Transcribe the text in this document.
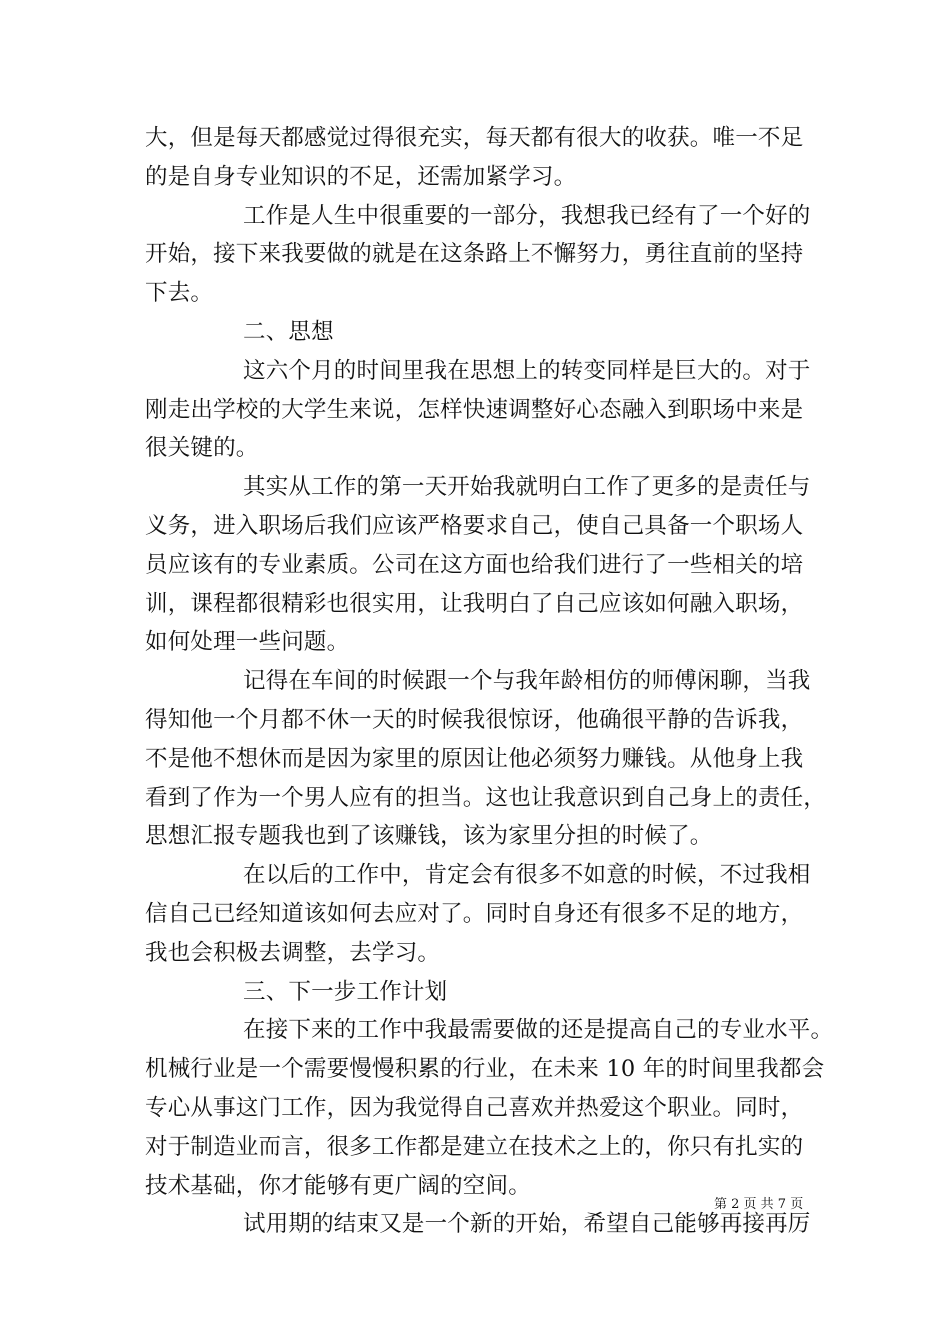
大，但是每天都感觉过得很充实，每天都有很大的收获。唯一不足
的是自身专业知识的不足，还需加紧学习。
工作是人生中很重要的一部分，我想我已经有了一个好的
开始，接下来我要做的就是在这条路上不懈努力，勇往直前的坚持
下去。
二、思想
这六个月的时间里我在思想上的转变同样是巨大的。对于
刚走出学校的大学生来说，怎样快速调整好心态融入到职场中来是
很关键的。
其实从工作的第一天开始我就明白工作了更多的是责任与
义务，进入职场后我们应该严格要求自己，使自己具备一个职场人
员应该有的专业素质。公司在这方面也给我们进行了一些相关的培
训，课程都很精彩也很实用，让我明白了自己应该如何融入职场，
如何处理一些问题。
记得在车间的时候跟一个与我年龄相仿的师傅闲聊，当我
得知他一个月都不休一天的时候我很惊讶，他确很平静的告诉我，
不是他不想休而是因为家里的原因让他必须努力赚钱。从他身上我
看到了作为一个男人应有的担当。这也让我意识到自己身上的责任，
思想汇报专题我也到了该赚钱，该为家里分担的时候了。
在以后的工作中，肯定会有很多不如意的时候，不过我相
信自己已经知道该如何去应对了。同时自身还有很多不足的地方，
我也会积极去调整，去学习。
三、下一步工作计划
在接下来的工作中我最需要做的还是提高自己的专业水平。
机械行业是一个需要慢慢积累的行业，在未来 10 年的时间里我都会
专心从事这门工作，因为我觉得自己喜欢并热爱这个职业。同时，
对于制造业而言，很多工作都是建立在技术之上的，你只有扎实的
技术基础，你才能够有更广阔的空间。
试用期的结束又是一个新的开始，希望自己能够再接再厉
第 2 页 共 7 页
